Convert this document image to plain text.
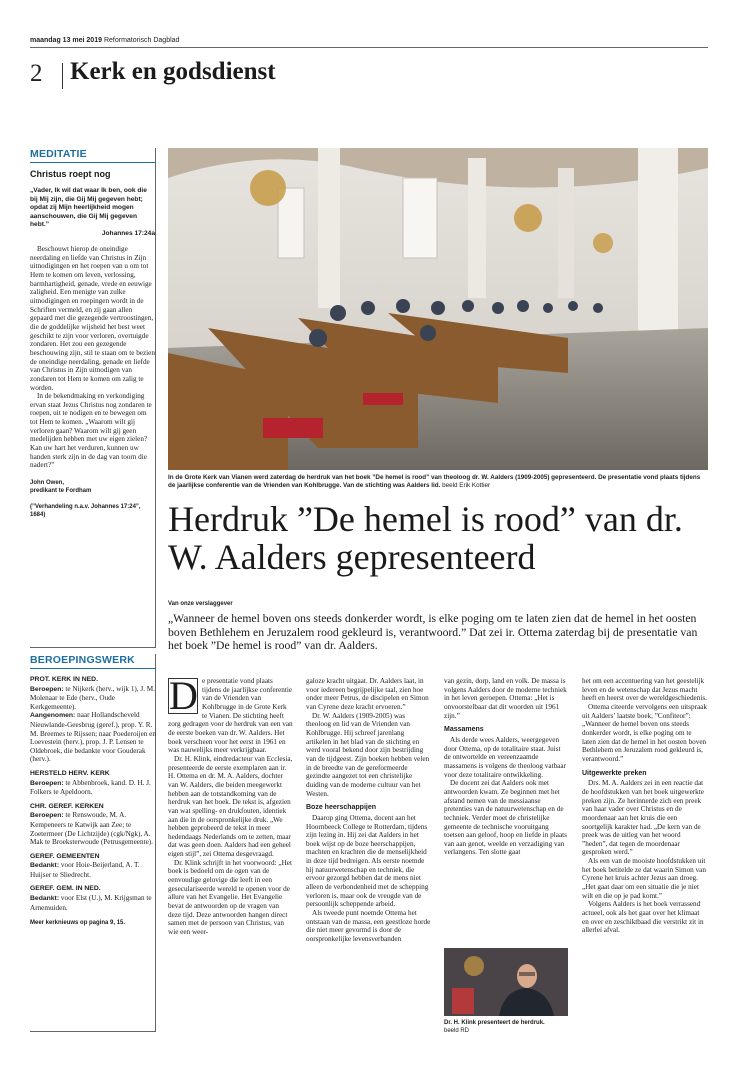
maandag 13 mei 2019 Reformatorisch Dagblad
2 Kerk en godsdienst
MEDITATIE
Christus roept nog
„Vader, Ik wil dat waar Ik ben, ook die bij Mij zijn, die Gij Mij gegeven hebt; opdat zij Mijn heerlijkheid mogen aanschouwen, die Gij Mij gegeven hebt.”
Johannes 17:24a

Beschouwt hierop de oneindige neerdaling en liefde van Christus in Zijn uitnodigingen en het roepen van u om tot Hem te komen om leven, verlossing, barmhartigheid, genade, vrede en eeuwige zaligheid. Een menigte van zulke uitnodigingen en roepingen wordt in de Schriften vermeld, en zij gaan allen gepaard met die gezegende vertroostingen, die de goddelijke wijsheid het best weet geschikt te zijn voor verloren, overtuigde zondaren. Het zou een gezegende beschouwing zijn, stil te staan om te bezien de oneindige neerdaling, genade en liefde van Christus in Zijn uitnodigen van zondaren tot Hem te komen om zalig te worden.

In de bekendmaking en verkondiging ervan staat Jezus Christus nog zondaren te roepen, uit te nodigen en te bewegen om tot Hem te komen. „Waarom wilt gij verloren gaan? Waarom wilt gij geen medelijden hebben met uw eigen zielen? Kan uw hart het verduren, kunnen uw handen sterk zijn in de dag van toorn die nadert?”

John Owen,
predikant te Fordham
(”Verhandeling n.a.v. Johannes 17:24”, 1684)
BEROEPINGSWERK
PROT. KERK IN NED.
Beroepen: te Nijkerk (herv., wijk 1), J. M. Molenaar te Ede (herv., Oude Kerkgemeente).
Aangenomen: naar Hollandscheveld Nieuwlande-Geesbrug (geref.), prop. Y. R. M. Breemes te Rijssen; naar Poederoijen en Loevestein (herv.), prop. J. P. Lensen te Oldebroek, die bedankte voor Gouderak (herv.).
HERSTELD HERV. KERK
Beroepen: te Abbenbroek, kand. D. H. J. Folkers te Apeldoorn.
CHR. GEREF. KERKEN
Beroepen: te Renswoude, M. A. Kempeneers te Katwijk aan Zee; te Zoetermeer (De Lichtzijde) (cgk/Ngk), A. Mak te Broeksterwoude (Petrusgemeente).
GEREF. GEMEENTEN
Bedankt: voor Hoie-Beijerland, A. T. Huijser te Sliedrecht.
GEREF. GEM. IN NED.
Bedankt: voor Elst (U.), M. Krijgsman te Arnemuiden.
Meer kerknieuws op pagina 9, 15.
In de Grote Kerk van Vianen werd zaterdag de herdruk van het boek ”De hemel is rood” van theoloog dr. W. Aalders (1909-2005) gepresenteerd. De presentatie vond plaats tijdens de jaarlijkse conferentie van de Vrienden van Kohlbrugge. Van de stichting was Aalders lid. beeld Erik Kottier
Herdruk ”De hemel is rood” van dr. W. Aalders gepresenteerd
Van onze verslaggever
„Wanneer de hemel boven ons steeds donkerder wordt, is elke poging om te laten zien dat de hemel in het oosten boven Bethlehem en Jeruzalem rood gekleurd is, verantwoord.” Dat zei ir. Ottema zaterdag bij de presentatie van het boek ”De hemel is rood” van dr. Aalders.
D e presentatie vond plaats tijdens de jaarlijkse conferentie van de Vrienden van Kohlbrugge in de Grote Kerk te Vianen. De stichting heeft zorg gedragen voor de herdruk van een van de eerste boeken van dr. W. Aalders. Het boek verscheen voor het eerst in 1961 en was nauwelijks meer verkrijgbaar.

Dr. H. Klink, eindredacteur van Ecclesia, presenteerde de eerste exemplaren aan ir. H. Ottema en dr. M. A. Aalders, dochter van W. Aalders, die beiden meegewerkt hebben aan de totstandkoming van de herdruk van het boek. De tekst is, afgezien van wat spelling- en drukfouten, identiek aan die in de oorspronkelijke druk. „We hebben geprobeerd de tekst in meer hedendaags Nederlands om te zetten, maar dat was geen doen. Aalders had een geheel eigen stijl”, zei Ottema desgevraagd.

Dr. Klink schrijft in het voorwoord: „Het boek is bedoeld om de ogen van de eenvoudige gelovige die leeft in een geseculariseerde wereld te openen voor de allure van het Evangelie. Het Evangelie bevat de antwoorden op de vragen van deze tijd. Deze antwoorden hangen direct samen met de persoon van Christus, van wie een weer-

galoze kracht uitgaat. Dr. Aalders laat, in voor iedereen begrijpelijke taal, zien hoe onder meer Petrus, de discipelen en Simon van Cyrene deze kracht ervoeren.”

Dr. W. Aalders (1909-2005) was theoloog en lid van de Vrienden van Kohlbrugge. Hij schreef jarenlang artikelen in het blad van de stichting en werd vooral bekend door zijn bestrijding van de tijdgeest. Zijn boeken hebben velen in de breedte van de gereformeerde gezindte aangezet tot een christelijke duiding van de moderne cultuur van het Westen.

Boze heerschappijen

Daarop ging Ottema, docent aan het Hoornbeeck College te Rotterdam, tijdens zijn lezing in. Hij zei dat Aalders in het boek wijst op de boze heerschappijen, machten en krachten die de menselijkheid in deze tijd bedreigen. Als eerste noemde hij natuurwetenschap en techniek, die ervoor gezorgd hebben dat de mens niet alleen de verbondenheid met de schepping verloren is, maar ook de vreugde van de persoonlijk scheppende arbeid.

Als tweede punt noemde Ottema het ontstaan van de massa, een geestloze horde die niet meer gevormd is door de oorspronkelijke levensverbanden

van gezin, dorp, land en volk. De massa is volgens Aalders door de moderne techniek in het leven geroepen. Ottema: „Het is onvoorstelbaar dat dit woorden uit 1961 zijn.”

Massamens

Als derde wees Aalders, weergegeven door Ottema, op de totalitaire staat. Juist de ontwortelde en vereenzaamde massamens is volgens de theoloog vatbaar voor deze totalitaire ontwikkeling.

De docent zei dat Aalders ook met antwoorden kwam. Ze beginnen met het afstand nemen van de messiaanse pretenties van de natuurwetenschap en de techniek. Verder moet de christelijke gemeente de technische vooruitgang toetsen aan geloof, hoop en liefde in plaats van aan genot, weelde en verzadiging van verlangens. Ten slotte gaat

Dr. H. Klink presenteert de herdruk.
beeld RD

het om een accentuering van het geestelijk leven en de wetenschap dat Jezus macht heeft en heerst over de wereldgeschiedenis.

Ottema citeerde vervolgens een uitspraak uit Aalders’ laatste boek, ”Confiteor”: „Wanneer de hemel boven ons steeds donkerder wordt, is elke poging om te laten zien dat de hemel in het oosten boven Bethlehem en Jeruzalem rood gekleurd is, verantwoord.”

Uitgewerkte preken

Drs. M. A. Aalders zei in een reactie dat de hoofdstukken van het boek uitgewerkte preken zijn. Ze herinnerde zich een preek van haar vader over Christus en de moordenaar aan het kruis die een soortgelijk karakter had. „De kern van de preek was de uitleg van het woord ”heden”, dat tegen de moordenaar gesproken werd.”

Als een van de mooiste hoofdstukken uit het boek betitelde ze dat waarin Simon van Cyrene het kruis achter Jezus aan droeg. „Het gaat daar om een situatie die je niet wilt en die op je pad komt.”

Volgens Aalders is het boek verrassend actueel, ook als het gaat over het klimaat en over en zeschiktbaad die verstrikt zit in allerlei afval.
